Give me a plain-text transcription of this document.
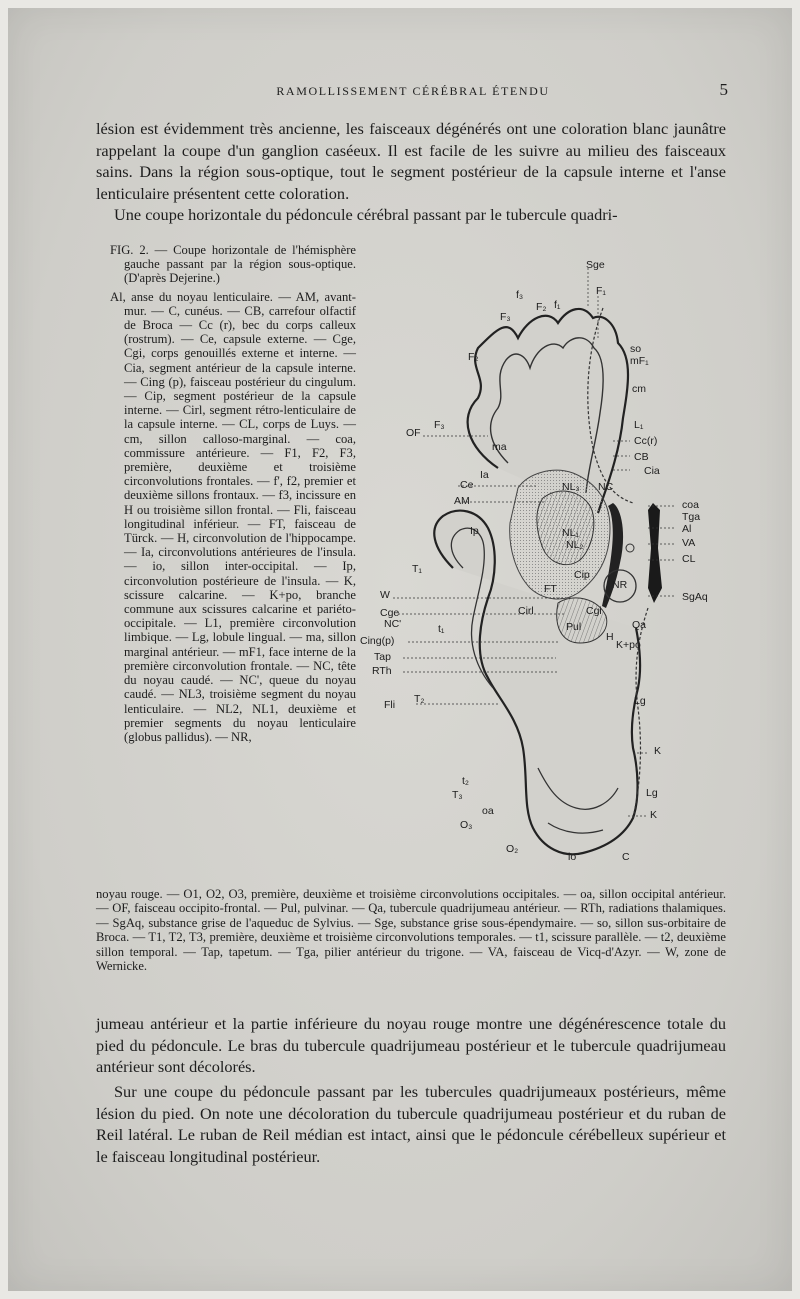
RAMOLLISSEMENT CÉRÉBRAL ÉTENDU	5
lésion est évidemment très ancienne, les faisceaux dégénérés ont une coloration blanc jaunâtre rappelant la coupe d'un ganglion caséeux. Il est facile de les suivre au milieu des faisceaux sains. Dans la région sous-optique, tout le segment postérieur de la capsule interne et l'anse lenticulaire présentent cette coloration.
Une coupe horizontale du pédoncule cérébral passant par le tubercule quadri-

FIG. 2. — Coupe horizontale de l'hémisphère gauche passant par la région sous-optique. (D'après Dejerine.)

Al, anse du noyau lenticulaire. — AM, avant-mur. — C, cunéus. — CB, carrefour olfactif de Broca — Cc (r), bec du corps calleux (rostrum). — Ce, capsule externe. — Cge, Cgi, corps genouillés externe et interne. — Cia, segment antérieur de la capsule interne. — Cing (p), faisceau postérieur du cingulum. — Cip, segment postérieur de la capsule interne. — Cirl, segment rétro-lenticulaire de la capsule interne. — CL, corps de Luys. — cm, sillon calloso-marginal. — coa, commissure antérieure. — F1, F2, F3, première, deuxième et troisième circonvolutions frontales. — f', f2, premier et deuxième sillons frontaux. — f3, incissure en H ou troisième sillon frontal. — Fli, faisceau longitudinal inférieur. — FT, faisceau de Türck. — H, circonvolution de l'hippocampe. — Ia, circonvolutions antérieures de l'insula. — io, sillon inter-occipital. — Ip, circonvolution postérieure de l'insula. — K, scissure calcarine. — K+po, branche commune aux scissures calcarine et pariéto-occipitale. — L1, première circonvolution limbique. — Lg, lobule lingual. — ma, sillon marginal antérieur. — mF1, face interne de la première circonvolution frontale. — NC, tête du noyau caudé. — NC', queue du noyau caudé. — NL3, troisième segment du noyau lenticulaire. — NL2, NL1, deuxième et premier segments du noyau lenticulaire (globus pallidus). — NR,

Sge
F₁
f₃
F₂ f₁
F₃
so
mF₁
F₂
cm
L₁
OF
F₃
ma	Cc(r)
CB
Cia
Ia
Ce
AM
NL₃ NC
coa
Tga
Al
Ip	NL₁
NL₂	VA
CL
Cip
T₁
NR
W	FT
SgAq
Cge
NC'
Cirl	Cgi
Qa
Pul
t₁
Cing(p)	H
K+po
Tap
RTh
Fli T₂	Lg
K
t₂
T₃	Lg
oa
O₃
K
O₂
io	C

noyau rouge. — O1, O2, O3, première, deuxième et troisième circonvolutions occipitales. — oa, sillon occipital antérieur. — OF, faisceau occipito-frontal. — Pul, pulvinar. — Qa, tubercule quadrijumeau antérieur. — RTh, radiations thalamiques. — SgAq, substance grise de l'aqueduc de Sylvius. — Sge, substance grise sous-épendymaire. — so, sillon sus-orbitaire de Broca. — T1, T2, T3, première, deuxième et troisième circonvolutions temporales. — t1, scissure parallèle. — t2, deuxième sillon temporal. — Tap, tapetum. — Tga, pilier antérieur du trigone. — VA, faisceau de Vicq-d'Azyr. — W, zone de Wernicke.

jumeau antérieur et la partie inférieure du noyau rouge montre une dégénérescence totale du pied du pédoncule. Le bras du tubercule quadrijumeau postérieur et le tubercule quadrijumeau antérieur sont décolorés.

Sur une coupe du pédoncule passant par les tubercules quadrijumeaux postérieurs, même lésion du pied. On note une décoloration du tubercule quadrijumeau postérieur et du ruban de Reil latéral. Le ruban de Reil médian est intact, ainsi que le pédoncule cérébelleux supérieur et le faisceau longitudinal postérieur.
